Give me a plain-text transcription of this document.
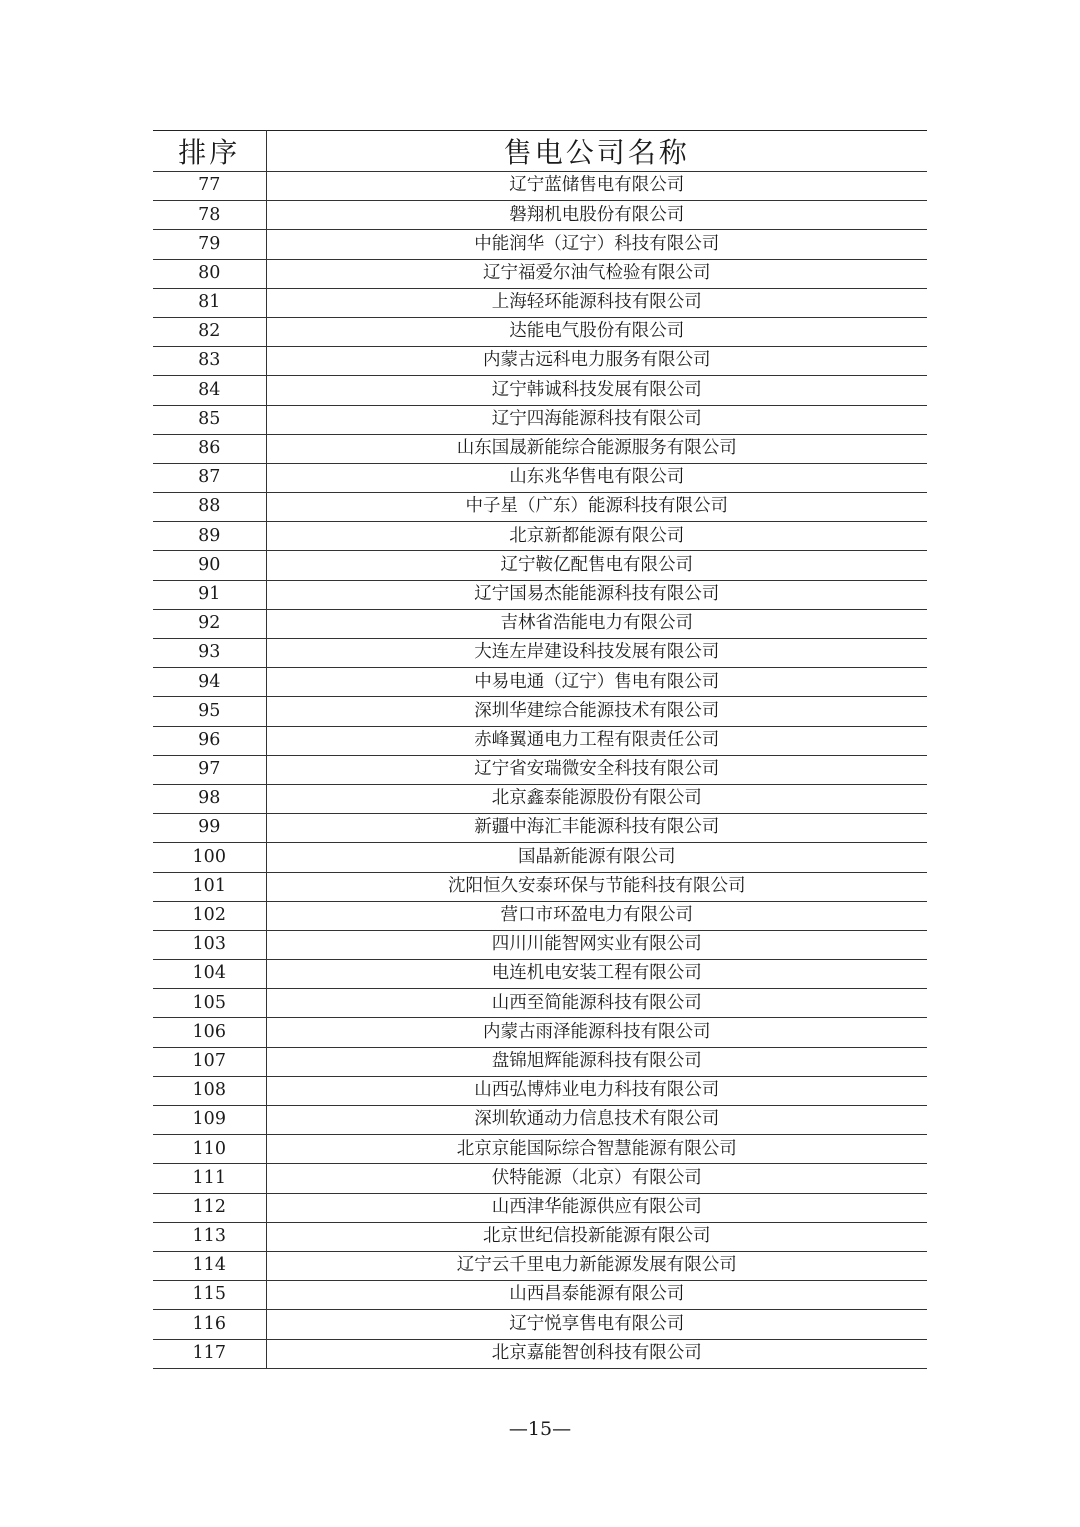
排序	售电公司名称
77	辽宁蓝储售电有限公司
78	磐翔机电股份有限公司
79	中能润华（辽宁）科技有限公司
80	辽宁福爱尔油气检验有限公司
81	上海轻环能源科技有限公司
82	达能电气股份有限公司
83	内蒙古远科电力服务有限公司
84	辽宁韩诚科技发展有限公司
85	辽宁四海能源科技有限公司
86	山东国晟新能综合能源服务有限公司
87	山东兆华售电有限公司
88	中子星（广东）能源科技有限公司
89	北京新都能源有限公司
90	辽宁鞍亿配售电有限公司
91	辽宁国易杰能能源科技有限公司
92	吉林省浩能电力有限公司
93	大连左岸建设科技发展有限公司
94	中易电通（辽宁）售电有限公司
95	深圳华建综合能源技术有限公司
96	赤峰翼通电力工程有限责任公司
97	辽宁省安瑞微安全科技有限公司
98	北京鑫泰能源股份有限公司
99	新疆中海汇丰能源科技有限公司
100	国晶新能源有限公司
101	沈阳恒久安泰环保与节能科技有限公司
102	营口市环盈电力有限公司
103	四川川能智网实业有限公司
104	电连机电安装工程有限公司
105	山西至简能源科技有限公司
106	内蒙古雨泽能源科技有限公司
107	盘锦旭辉能源科技有限公司
108	山西弘博炜业电力科技有限公司
109	深圳软通动力信息技术有限公司
110	北京京能国际综合智慧能源有限公司
111	伏特能源（北京）有限公司
112	山西津华能源供应有限公司
113	北京世纪信投新能源有限公司
114	辽宁云千里电力新能源发展有限公司
115	山西昌泰能源有限公司
116	辽宁悦享售电有限公司
117	北京嘉能智创科技有限公司
—15—
